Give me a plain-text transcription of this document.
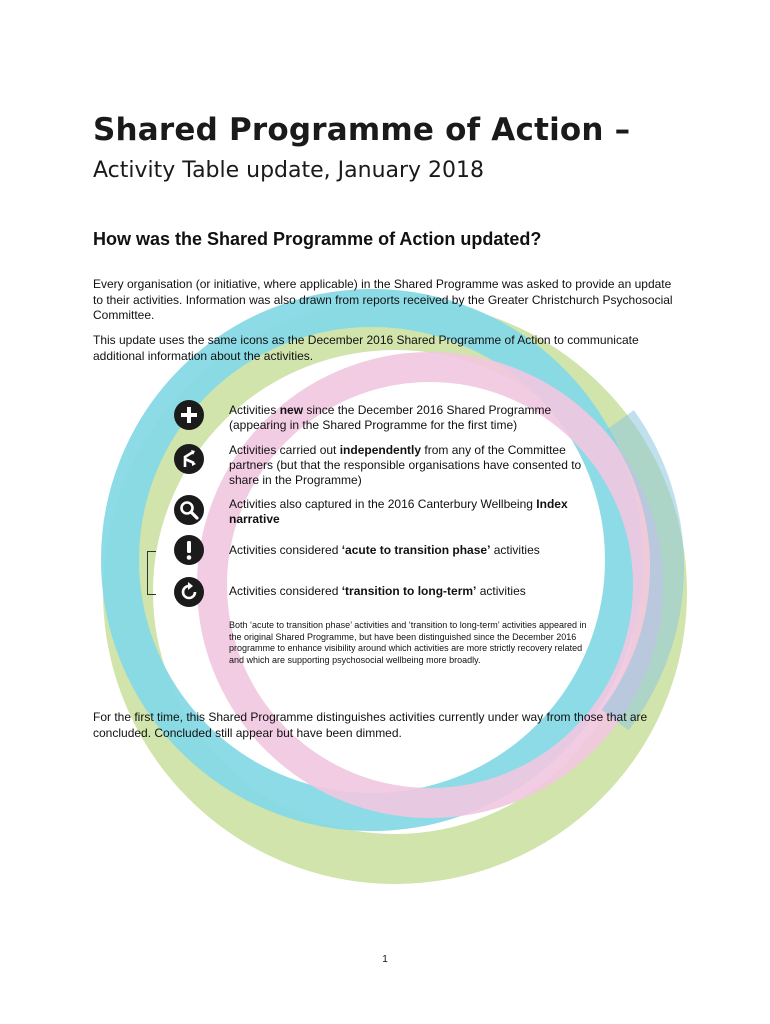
Shared Programme of Action –
Activity Table update, January 2018
How was the Shared Programme of Action updated?
Every organisation (or initiative, where applicable) in the Shared Programme was asked to provide an update to their activities. Information was also drawn from reports received by the Greater Christchurch Psychosocial Committee.
This update uses the same icons as the December 2016 Shared Programme of Action to communicate additional information about the activities.
Activities new since the December 2016 Shared Programme (appearing in the Shared Programme for the first time)
Activities carried out independently from any of the Committee partners (but that the responsible organisations have consented to share in the Programme)
Activities also captured in the 2016 Canterbury Wellbeing Index narrative
Activities considered ‘acute to transition phase’ activities
Activities considered ‘transition to long-term’ activities
Both ‘acute to transition phase’ activities and ‘transition to long-term’ activities appeared in the original Shared Programme, but have been distinguished since the December 2016 programme to enhance visibility around which activities are more strictly recovery related and which are supporting psychosocial wellbeing more broadly.
For the first time, this Shared Programme distinguishes activities currently under way from those that are concluded. Concluded still appear but have been dimmed.
1
